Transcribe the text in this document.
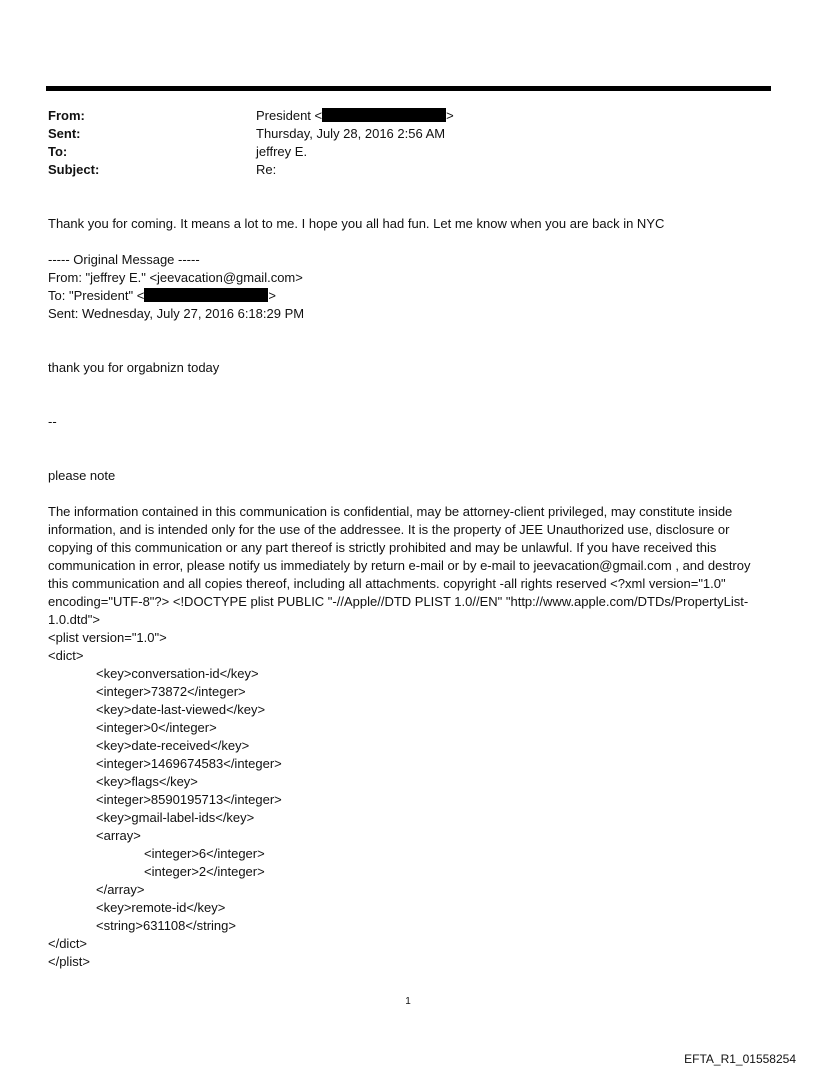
From:	President <	>
Sent:	Thursday, July 28, 2016 2:56 AM
To:	jeffrey E.
Subject:	Re:
Thank you for coming. It means a lot to me. I hope you all had fun. Let me know when you are back in NYC
----- Original Message -----
From: "jeffrey E." <jeevacation@gmail.com>
To: "President" <	>
Sent: Wednesday, July 27, 2016 6:18:29 PM
thank you for orgabnizn today
--
please note
The information contained in this communication is confidential, may be attorney-client privileged, may constitute inside information, and is intended only for the use of the addressee. It is the property of JEE Unauthorized use, disclosure or copying of this communication or any part thereof is strictly prohibited and may be unlawful. If you have received this communication in error, please notify us immediately by return e-mail or by e-mail to jeevacation@gmail.com , and destroy this communication and all copies thereof, including all attachments. copyright -all rights reserved <?xml version="1.0" encoding="UTF-8"?> <!DOCTYPE plist PUBLIC "-//Apple//DTD PLIST 1.0//EN" "http://www.apple.com/DTDs/PropertyList-1.0.dtd">
<plist version="1.0">
<dict>
<key>conversation-id</key>
<integer>73872</integer>
<key>date-last-viewed</key>
<integer>0</integer>
<key>date-received</key>
<integer>1469674583</integer>
<key>flags</key>
<integer>8590195713</integer>
<key>gmail-label-ids</key>
<array>
<integer>6</integer>
<integer>2</integer>
</array>
<key>remote-id</key>
<string>631108</string>
</dict>
</plist>
1
EFTA_R1_01558254
